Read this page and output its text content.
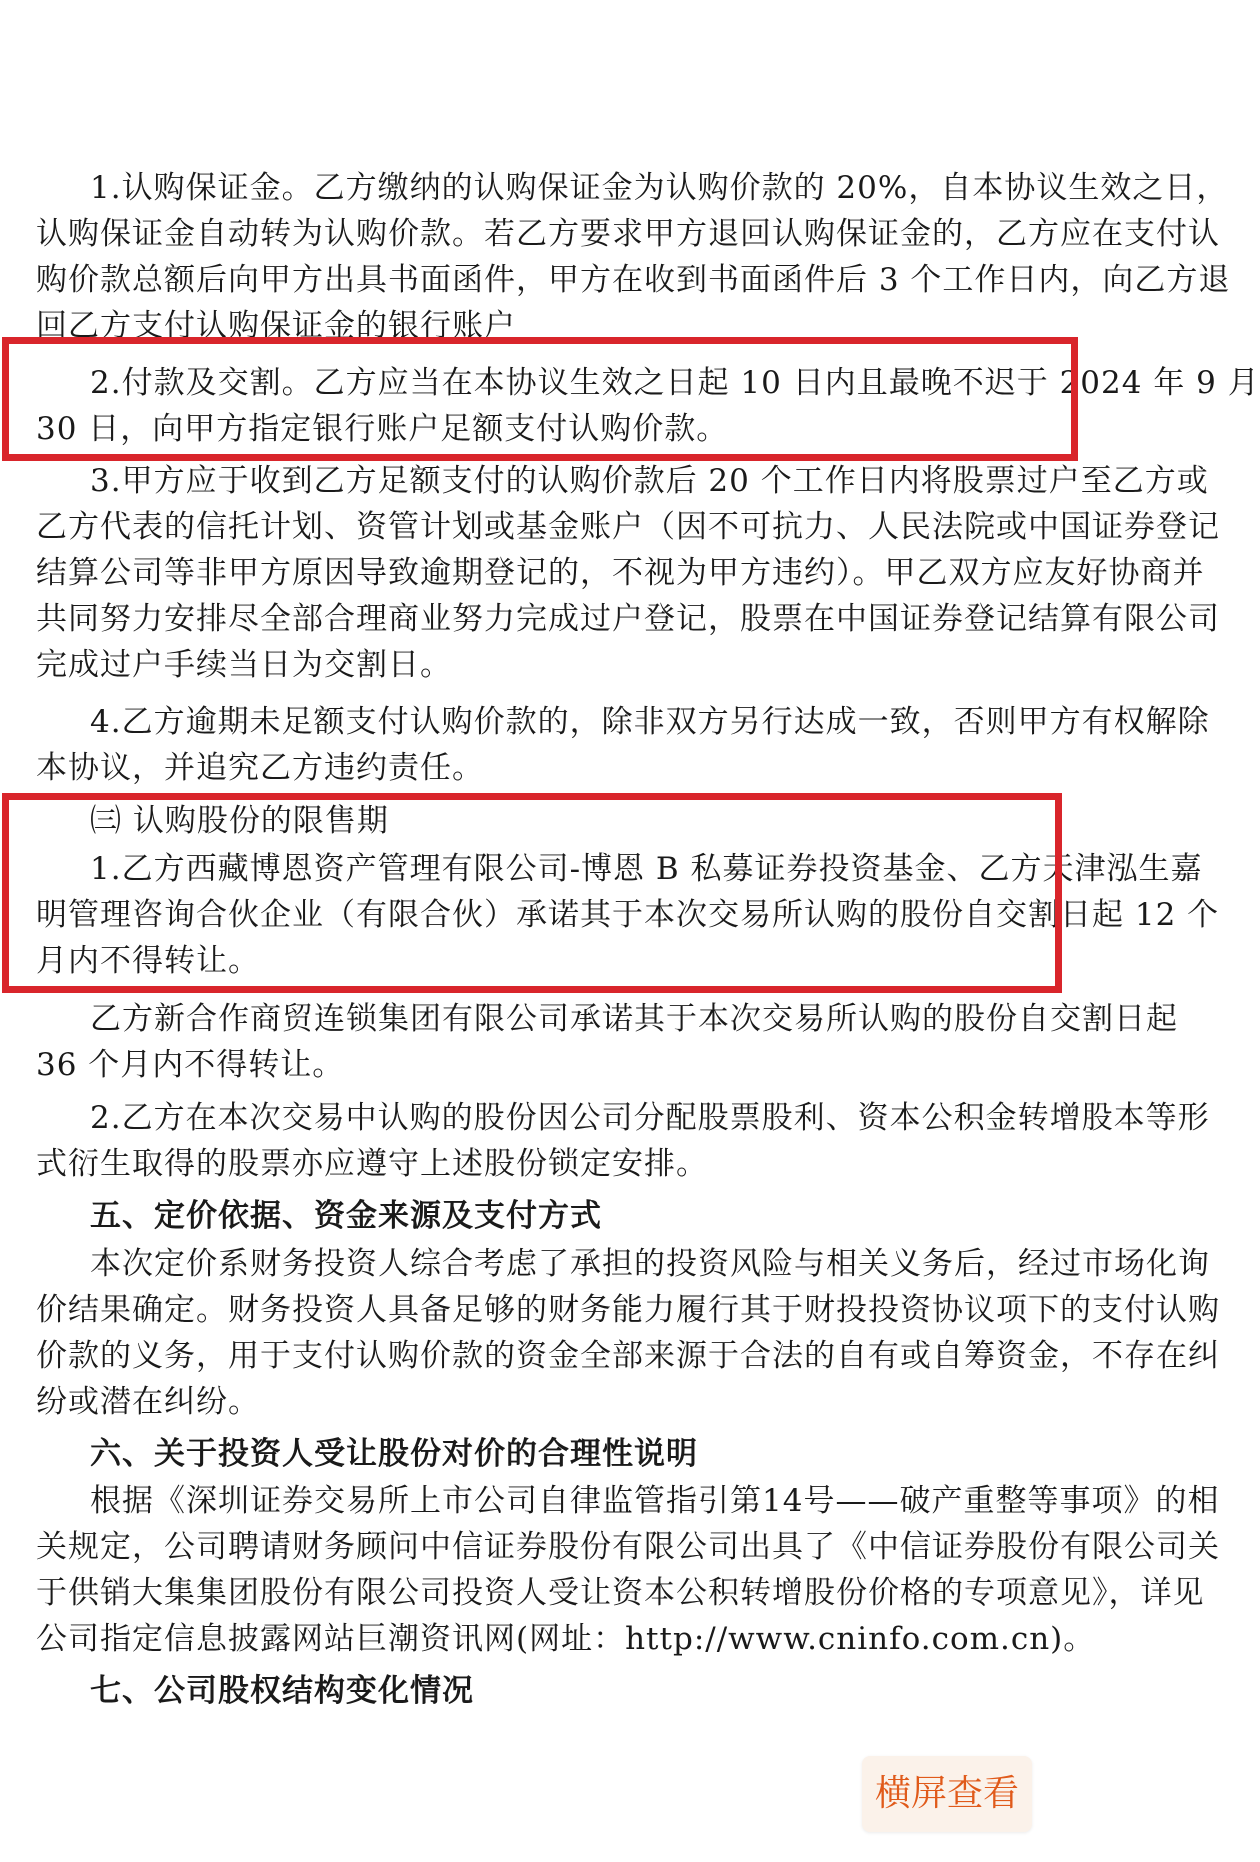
1.认购保证金。乙方缴纳的认购保证金为认购价款的 20%，自本协议生效之日，
认购保证金自动转为认购价款。若乙方要求甲方退回认购保证金的，乙方应在支付认
购价款总额后向甲方出具书面函件，甲方在收到书面函件后 3 个工作日内，向乙方退
回乙方支付认购保证金的银行账户
2.付款及交割。乙方应当在本协议生效之日起 10 日内且最晚不迟于 2024 年 9 月
30 日，向甲方指定银行账户足额支付认购价款。
3.甲方应于收到乙方足额支付的认购价款后 20 个工作日内将股票过户至乙方或
乙方代表的信托计划、资管计划或基金账户（因不可抗力、人民法院或中国证券登记
结算公司等非甲方原因导致逾期登记的，不视为甲方违约）。甲乙双方应友好协商并
共同努力安排尽全部合理商业努力完成过户登记，股票在中国证券登记结算有限公司
完成过户手续当日为交割日。
4.乙方逾期未足额支付认购价款的，除非双方另行达成一致，否则甲方有权解除
本协议，并追究乙方违约责任。
㈢ 认购股份的限售期
1.乙方西藏博恩资产管理有限公司-博恩 B 私募证券投资基金、乙方天津泓生嘉
明管理咨询合伙企业（有限合伙）承诺其于本次交易所认购的股份自交割日起 12 个
月内不得转让。
乙方新合作商贸连锁集团有限公司承诺其于本次交易所认购的股份自交割日起
36 个月内不得转让。
2.乙方在本次交易中认购的股份因公司分配股票股利、资本公积金转增股本等形
式衍生取得的股票亦应遵守上述股份锁定安排。
五、定价依据、资金来源及支付方式
本次定价系财务投资人综合考虑了承担的投资风险与相关义务后，经过市场化询
价结果确定。财务投资人具备足够的财务能力履行其于财投投资协议项下的支付认购
价款的义务，用于支付认购价款的资金全部来源于合法的自有或自筹资金，不存在纠
纷或潜在纠纷。
六、关于投资人受让股份对价的合理性说明
根据《深圳证券交易所上市公司自律监管指引第14号——破产重整等事项》的相
关规定，公司聘请财务顾问中信证券股份有限公司出具了《中信证券股份有限公司关
于供销大集集团股份有限公司投资人受让资本公积转增股份价格的专项意见》，详见
公司指定信息披露网站巨潮资讯网(网址：http://www.cninfo.com.cn)。
七、公司股权结构变化情况
横屏查看
